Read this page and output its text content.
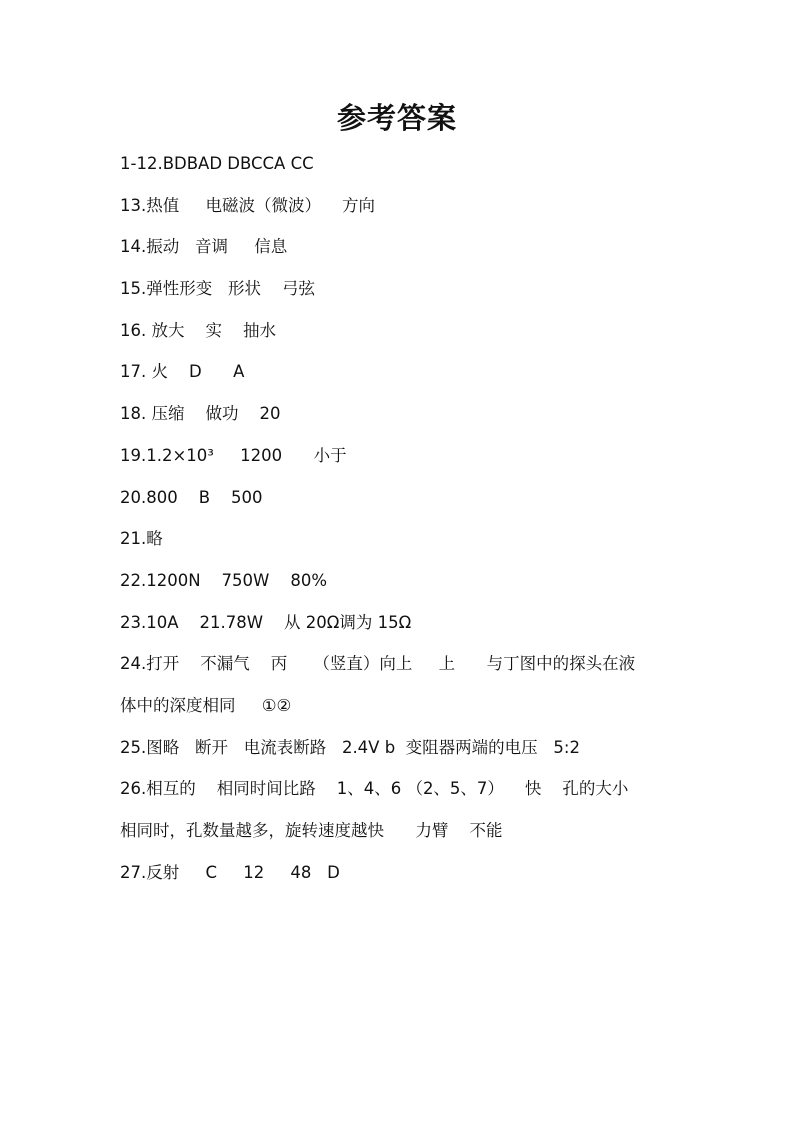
参考答案
1-12.BDBAD DBCCA CC
13.热值     电磁波（微波）    方向
14.振动   音调     信息
15.弹性形变   形状    弓弦
16. 放大    实    抽水
17. 火    D      A
18. 压缩    做功    20
19.1.2×10³     1200      小于
20.800    B    500
21.略
22.1200N    750W    80%
23.10A    21.78W    从 20Ω调为 15Ω
24.打开    不漏气    丙     （竖直）向上     上      与丁图中的探头在液
体中的深度相同     ①②
25.图略   断开   电流表断路   2.4V b  变阻器两端的电压   5:2
26.相互的    相同时间比路    1、4、6 （2、5、7）    快    孔的大小
相同时，孔数量越多，旋转速度越快      力臂    不能
27.反射     C     12     48   D
